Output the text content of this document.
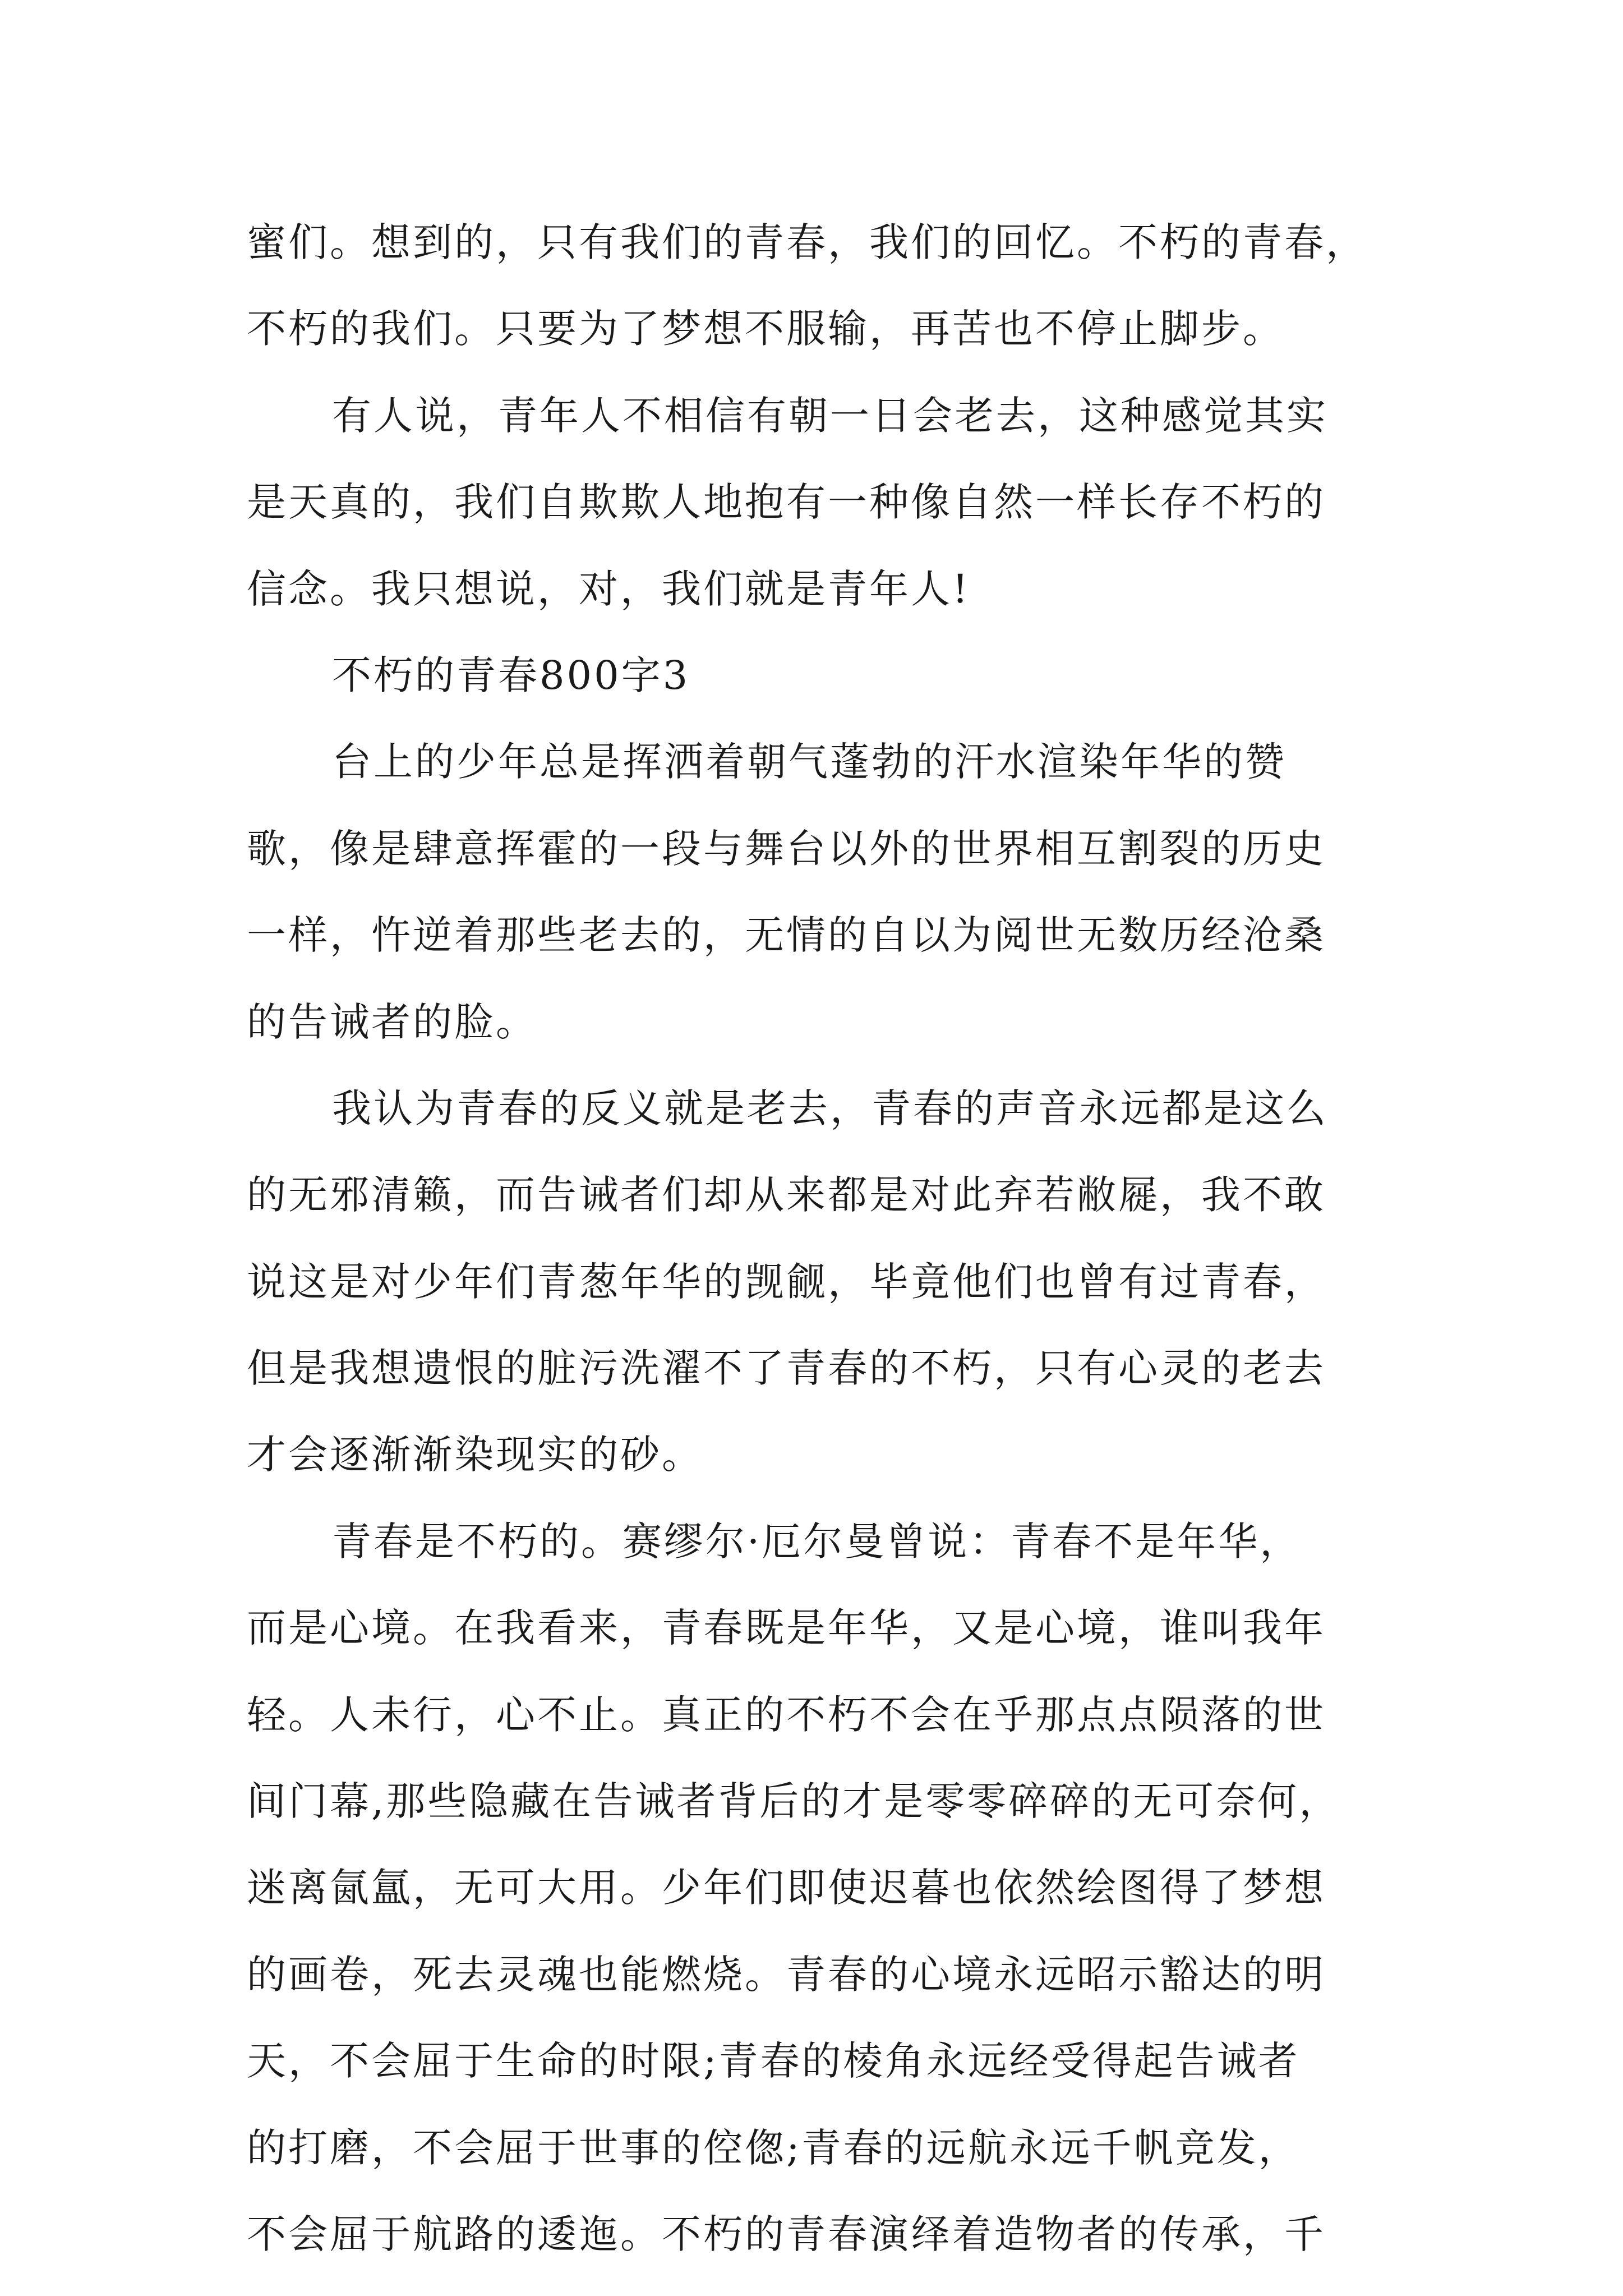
蜜们。想到的，只有我们的青春，我们的回忆。不朽的青春，
不朽的我们。只要为了梦想不服输，再苦也不停止脚步。
有人说，青年人不相信有朝一日会老去，这种感觉其实
是天真的，我们自欺欺人地抱有一种像自然一样长存不朽的
信念。我只想说，对，我们就是青年人!
不朽的青春800字3
台上的少年总是挥洒着朝气蓬勃的汗水渲染年华的赞
歌，像是肆意挥霍的一段与舞台以外的世界相互割裂的历史
一样，忤逆着那些老去的，无情的自以为阅世无数历经沧桑
的告诫者的脸。
我认为青春的反义就是老去，青春的声音永远都是这么
的无邪清籁，而告诫者们却从来都是对此弃若敝屣，我不敢
说这是对少年们青葱年华的觊觎，毕竟他们也曾有过青春，
但是我想遗恨的脏污洗濯不了青春的不朽，只有心灵的老去
才会逐渐渐染现实的砂。
青春是不朽的。赛缪尔·厄尔曼曾说：青春不是年华，
而是心境。在我看来，青春既是年华，又是心境，谁叫我年
轻。人未行，心不止。真正的不朽不会在乎那点点陨落的世
间门幕,那些隐藏在告诫者背后的才是零零碎碎的无可奈何，
迷离氤氲，无可大用。少年们即使迟暮也依然绘图得了梦想
的画卷，死去灵魂也能燃烧。青春的心境永远昭示豁达的明
天，不会屈于生命的时限;青春的棱角永远经受得起告诫者
的打磨，不会屈于世事的倥偬;青春的远航永远千帆竞发，
不会屈于航路的逶迤。不朽的青春演绎着造物者的传承，千
